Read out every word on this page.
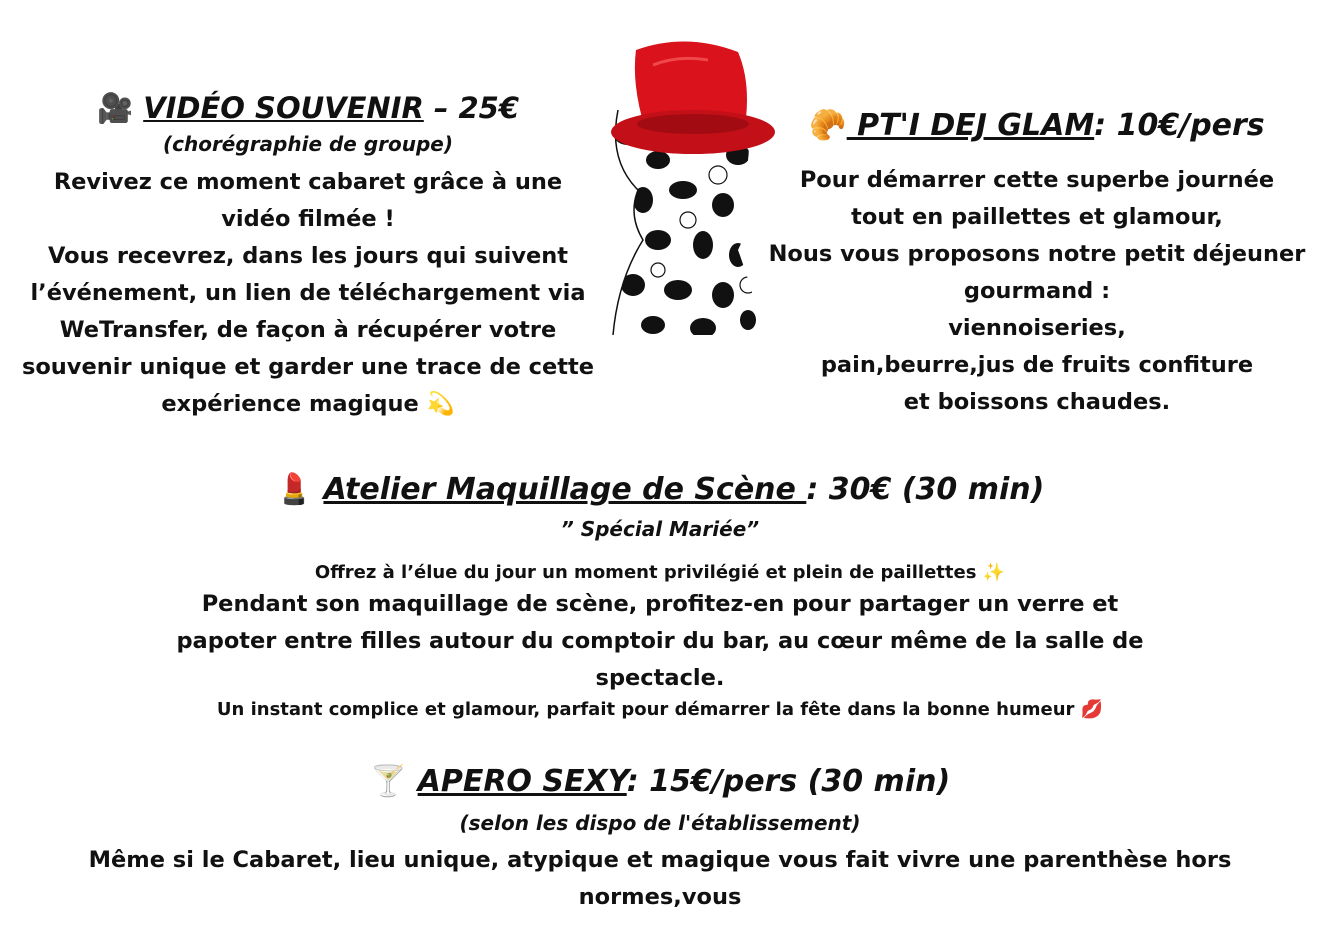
🎥 VIDÉO SOUVENIR – 25€
(chorégraphie de groupe)
Revivez ce moment cabaret grâce à une
vidéo filmée !
Vous recevrez, dans les jours qui suivent
l’événement, un lien de téléchargement via
WeTransfer, de façon à récupérer votre
souvenir unique et garder une trace de cette
expérience magique 💫
🥐 PT'I DEJ GLAM: 10€/pers
Pour démarrer cette superbe journée
tout en paillettes et glamour,
Nous vous proposons notre petit déjeuner
gourmand :
viennoiseries,
pain,beurre,jus de fruits confiture
et boissons chaudes.
💄 Atelier Maquillage de Scène : 30€ (30 min)
” Spécial Mariée”
Offrez à l’élue du jour un moment privilégié et plein de paillettes ✨
Pendant son maquillage de scène, profitez-en pour partager un verre et
papoter entre filles autour du comptoir du bar, au cœur même de la salle de
spectacle.
Un instant complice et glamour, parfait pour démarrer la fête dans la bonne humeur 💋
🍸 APERO SEXY: 15€/pers (30 min)
(selon les dispo de l'établissement)
Même si le Cabaret, lieu unique, atypique et magique vous fait vivre une parenthèse hors
normes,vous
